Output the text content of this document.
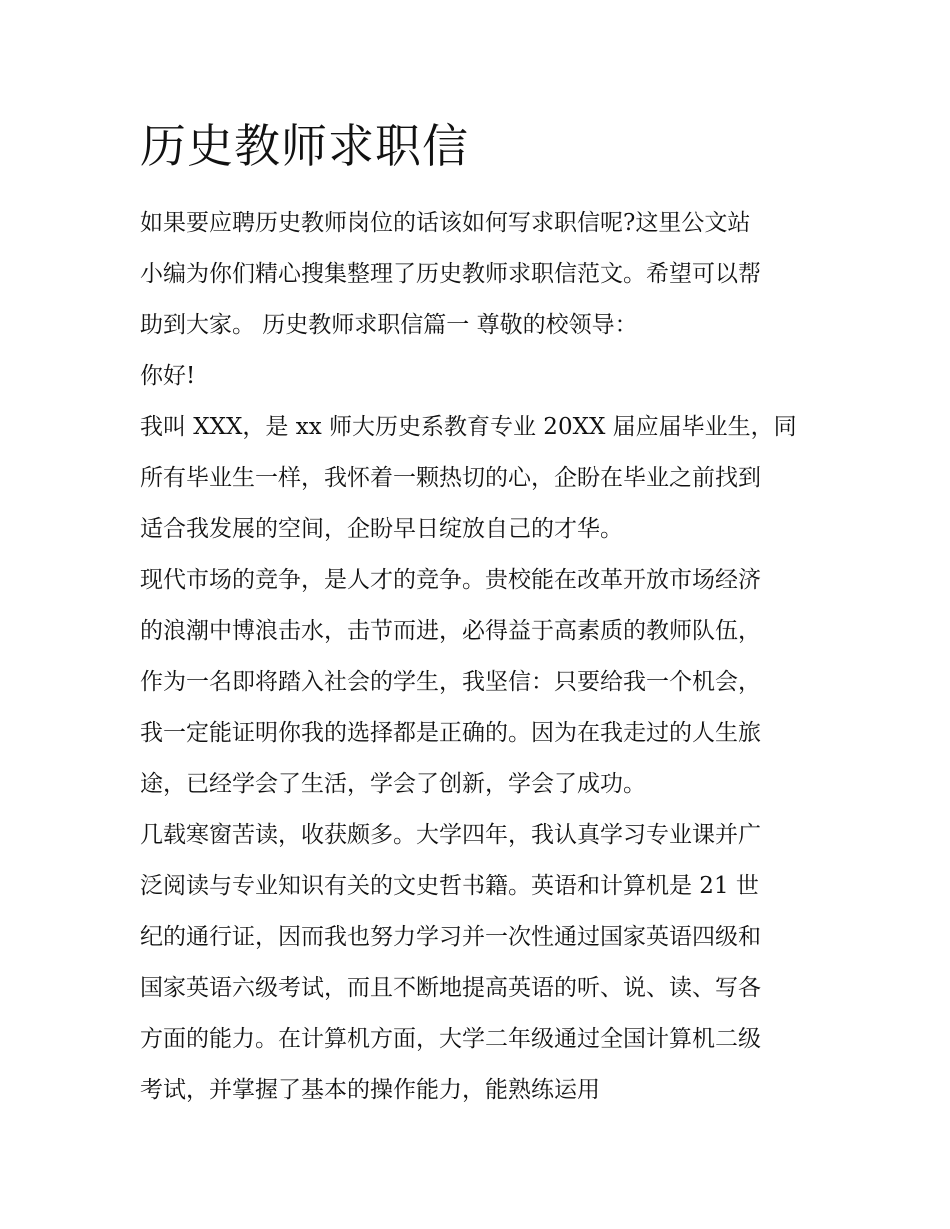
历史教师求职信
如果要应聘历史教师岗位的话该如何写求职信呢?这里公文站
小编为你们精心搜集整理了历史教师求职信范文。希望可以帮
助到大家。 历史教师求职信篇一 尊敬的校领导：
你好!
我叫 XXX，是 xx 师大历史系教育专业 20XX 届应届毕业生，同
所有毕业生一样，我怀着一颗热切的心，企盼在毕业之前找到
适合我发展的空间，企盼早日绽放自己的才华。
现代市场的竞争，是人才的竞争。贵校能在改革开放市场经济
的浪潮中博浪击水，击节而进，必得益于高素质的教师队伍，
作为一名即将踏入社会的学生，我坚信：只要给我一个机会，
我一定能证明你我的选择都是正确的。因为在我走过的人生旅
途，已经学会了生活，学会了创新，学会了成功。
几载寒窗苦读，收获颇多。大学四年，我认真学习专业课并广
泛阅读与专业知识有关的文史哲书籍。英语和计算机是 21 世
纪的通行证，因而我也努力学习并一次性通过国家英语四级和
国家英语六级考试，而且不断地提高英语的听、说、读、写各
方面的能力。在计算机方面，大学二年级通过全国计算机二级
考试，并掌握了基本的操作能力，能熟练运用
